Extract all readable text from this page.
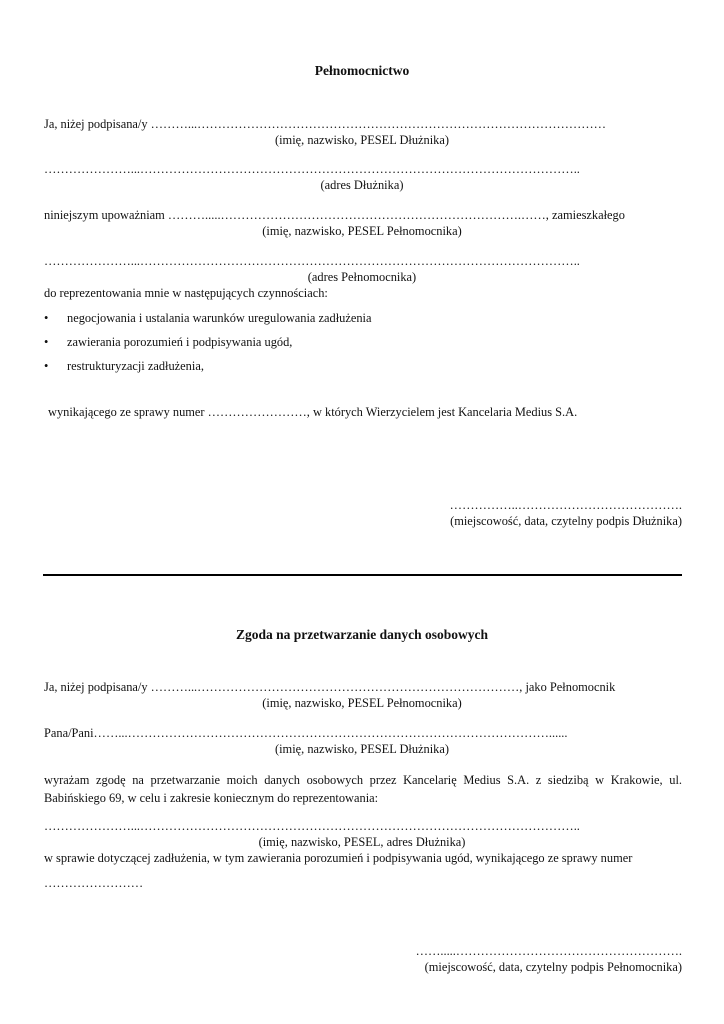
Pełnomocnictwo
Ja, niżej podpisana/y ………...………………………………………………………………………………………
(imię, nazwisko, PESEL Dłużnika)
…………………...……………………………………………………………………………………………..
(adres Dłużnika)
niniejszym upoważniam ……….....……………………………………………………………….……, zamieszkałego
(imię, nazwisko, PESEL Pełnomocnika)
…………………...……………………………………………………………………………………………..
(adres Pełnomocnika)
do reprezentowania mnie w następujących czynnościach:
• negocjowania i ustalania warunków uregulowania zadłużenia
• zawierania porozumień i podpisywania ugód,
• restrukturyzacji zadłużenia,
wynikającego ze sprawy numer ……………………, w których Wierzycielem jest Kancelaria Medius S.A.
……………..………………………………….
(miejscowość, data, czytelny podpis Dłużnika)
Zgoda na przetwarzanie danych osobowych
Ja, niżej podpisana/y ………...……………………………………………………………………, jako Pełnomocnik
(imię, nazwisko, PESEL Pełnomocnika)
Pana/Pani……...…………………………………………………………………………………………......
(imię, nazwisko, PESEL Dłużnika)
wyrażam zgodę na przetwarzanie moich danych osobowych przez Kancelarię Medius S.A. z siedzibą w Krakowie, ul. Babińskiego 69, w celu i zakresie koniecznym do reprezentowania:
…………………...……………………………………………………………………………………………..
(imię, nazwisko, PESEL, adres Dłużnika)
w sprawie dotyczącej zadłużenia, w tym zawierania porozumień i podpisywania ugód, wynikającego ze sprawy numer
……………………
…….....……………………………………………….
(miejscowość, data, czytelny podpis Pełnomocnika)
